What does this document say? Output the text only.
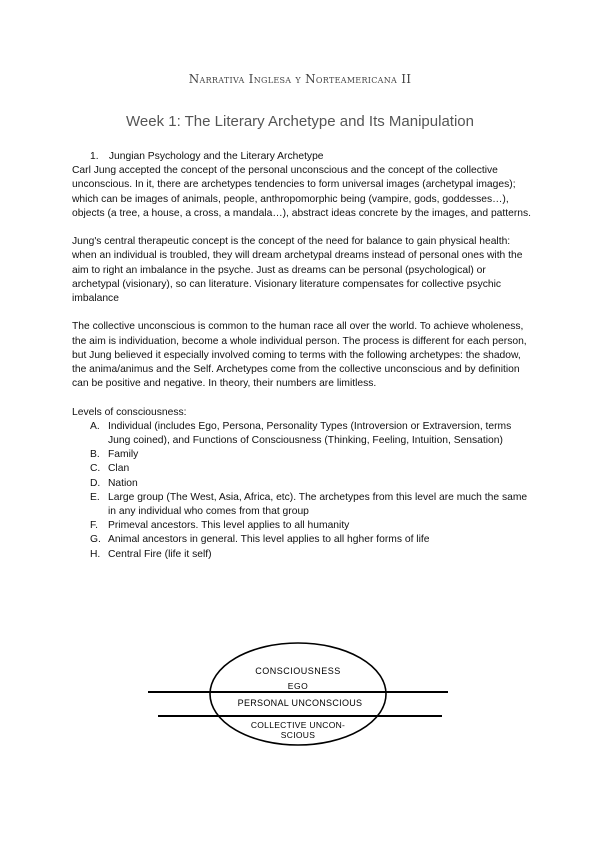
Narrativa Inglesa y Norteamericana II
Week 1: The Literary Archetype and Its Manipulation
1. Jungian Psychology and the Literary Archetype

Carl Jung accepted the concept of the personal unconscious and the concept of the collective unconscious. In it, there are archetypes tendencies to form universal images (archetypal images); which can be images of animals, people, anthropomorphic being (vampire, gods, goddesses…), objects (a tree, a house, a cross, a mandala…), abstract ideas concrete by the images, and patterns.

Jung's central therapeutic concept is the concept of the need for balance to gain physical health: when an individual is troubled, they will dream archetypal dreams instead of personal ones with the aim to right an imbalance in the psyche. Just as dreams can be personal (psychological) or archetypal (visionary), so can literature. Visionary literature compensates for collective psychic imbalance

The collective unconscious is common to the human race all over the world. To achieve wholeness, the aim is individuation, become a whole individual person. The process is different for each person, but Jung believed it especially involved coming to terms with the following archetypes: the shadow, the anima/animus and the Self. Archetypes come from the collective unconscious and by definition can be positive and negative. In theory, their numbers are limitless.

Levels of consciousness:
A. Individual (includes Ego, Persona, Personality Types (Introversion or Extraversion, terms Jung coined), and Functions of Consciousness (Thinking, Feeling, Intuition, Sensation)
B. Family
C. Clan
D. Nation
E. Large group (The West, Asia, Africa, etc). The archetypes from this level are much the same in any individual who comes from that group
F. Primeval ancestors. This level applies to all humanity
G. Animal ancestors in general. This level applies to all hgher forms of life
H. Central Fire (life it self)
CONSCIOUSNESS
EGO
PERSONAL UNCONSCIOUS
COLLECTIVE UNCON-
SCIOUS
